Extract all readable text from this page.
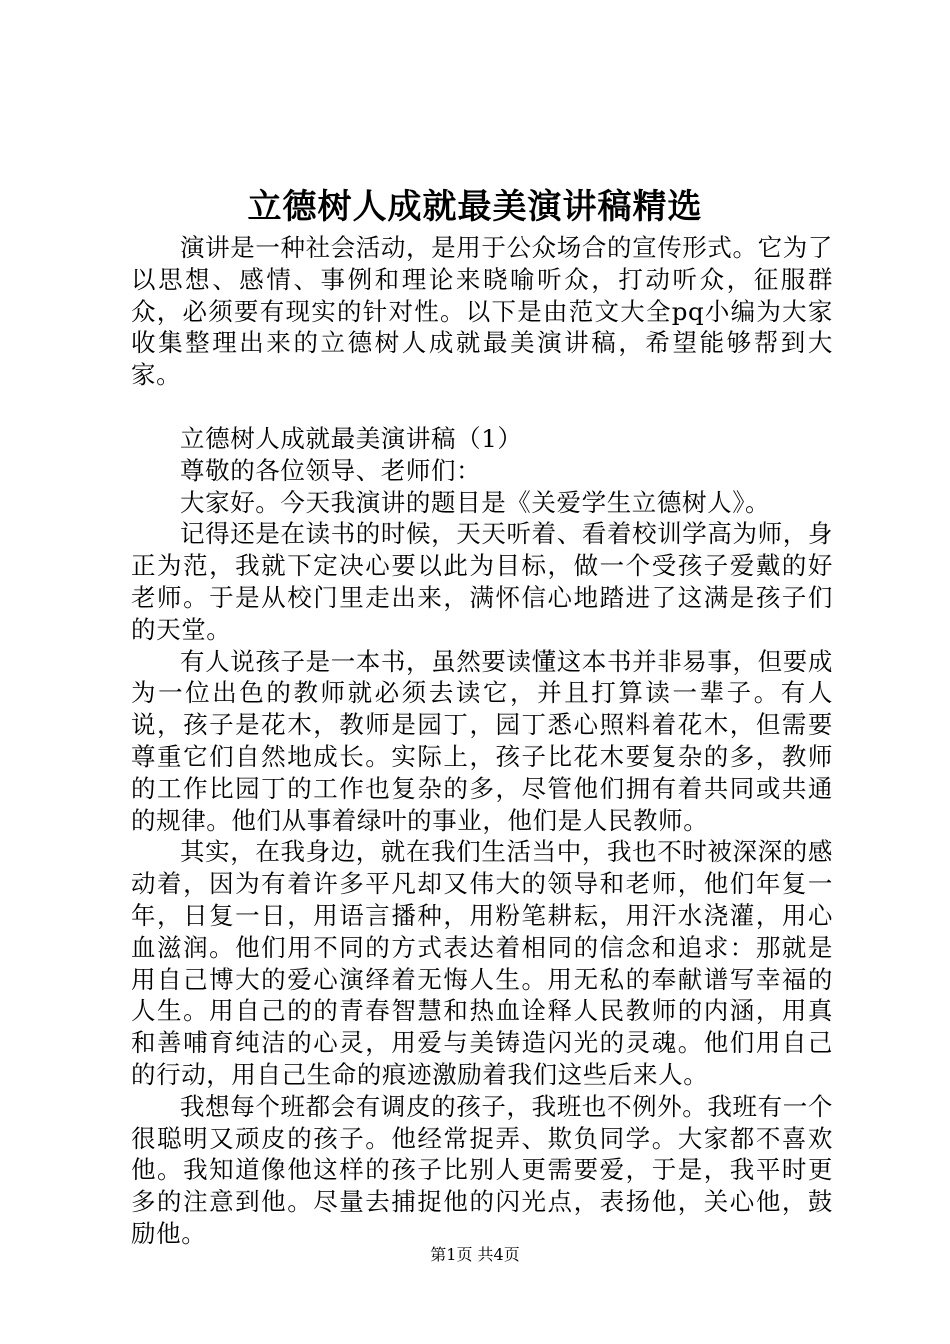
立德树人成就最美演讲稿精选

演讲是一种社会活动，是用于公众场合的宣传形式。它为了以思想、感情、事例和理论来晓喻听众，打动听众，征服群众，必须要有现实的针对性。以下是由范文大全pq小编为大家收集整理出来的立德树人成就最美演讲稿，希望能够帮到大家。

立德树人成就最美演讲稿（1）

尊敬的各位领导、老师们：

大家好。今天我演讲的题目是《关爱学生立德树人》。

记得还是在读书的时候，天天听着、看着校训学高为师，身正为范，我就下定决心要以此为目标，做一个受孩子爱戴的好老师。于是从校门里走出来，满怀信心地踏进了这满是孩子们的天堂。

有人说孩子是一本书，虽然要读懂这本书并非易事，但要成为一位出色的教师就必须去读它，并且打算读一辈子。有人说，孩子是花木，教师是园丁，园丁悉心照料着花木，但需要尊重它们自然地成长。实际上，孩子比花木要复杂的多，教师的工作比园丁的工作也复杂的多，尽管他们拥有着共同或共通的规律。他们从事着绿叶的事业，他们是人民教师。

其实，在我身边，就在我们生活当中，我也不时被深深的感动着，因为有着许多平凡却又伟大的领导和老师，他们年复一年，日复一日，用语言播种，用粉笔耕耘，用汗水浇灌，用心血滋润。他们用不同的方式表达着相同的信念和追求：那就是用自己博大的爱心演绎着无悔人生。用无私的奉献谱写幸福的人生。用自己的的青春智慧和热血诠释人民教师的内涵，用真和善哺育纯洁的心灵，用爱与美铸造闪光的灵魂。他们用自己的行动，用自己生命的痕迹激励着我们这些后来人。

我想每个班都会有调皮的孩子，我班也不例外。我班有一个很聪明又顽皮的孩子。他经常捉弄、欺负同学。大家都不喜欢他。我知道像他这样的孩子比别人更需要爱，于是，我平时更多的注意到他。尽量去捕捉他的闪光点，表扬他，关心他，鼓励他。

第1页 共4页
